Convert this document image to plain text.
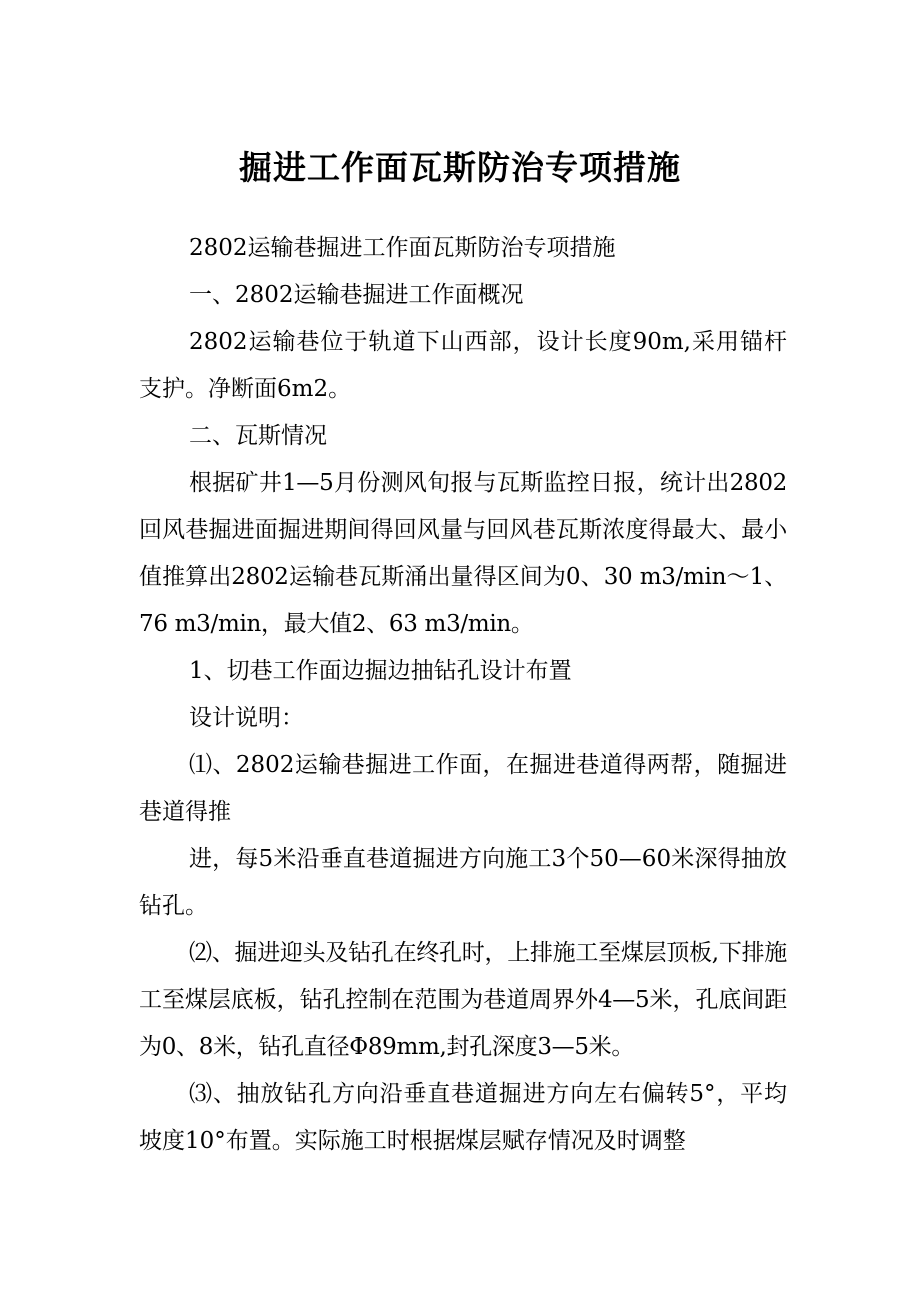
掘进工作面瓦斯防治专项措施

2802运输巷掘进工作面瓦斯防治专项措施

一、2802运输巷掘进工作面概况

2802运输巷位于轨道下山西部，设计长度90m,采用锚杆支护。净断面6m2。

二、瓦斯情况

根据矿井1—5月份测风旬报与瓦斯监控日报，统计出2802回风巷掘进面掘进期间得回风量与回风巷瓦斯浓度得最大、最小值推算出2802运输巷瓦斯涌出量得区间为0、30 m3/min～1、76 m3/min，最大值2、63 m3/min。

1、切巷工作面边掘边抽钻孔设计布置

设计说明：

⑴、2802运输巷掘进工作面，在掘进巷道得两帮，随掘进巷道得推

进，每5米沿垂直巷道掘进方向施工3个50—60米深得抽放钻孔。

⑵、掘进迎头及钻孔在终孔时，上排施工至煤层顶板,下排施工至煤层底板，钻孔控制在范围为巷道周界外4—5米，孔底间距为0、8米，钻孔直径Φ89mm,封孔深度3—5米。

⑶、抽放钻孔方向沿垂直巷道掘进方向左右偏转5°，平均坡度10°布置。实际施工时根据煤层赋存情况及时调整
